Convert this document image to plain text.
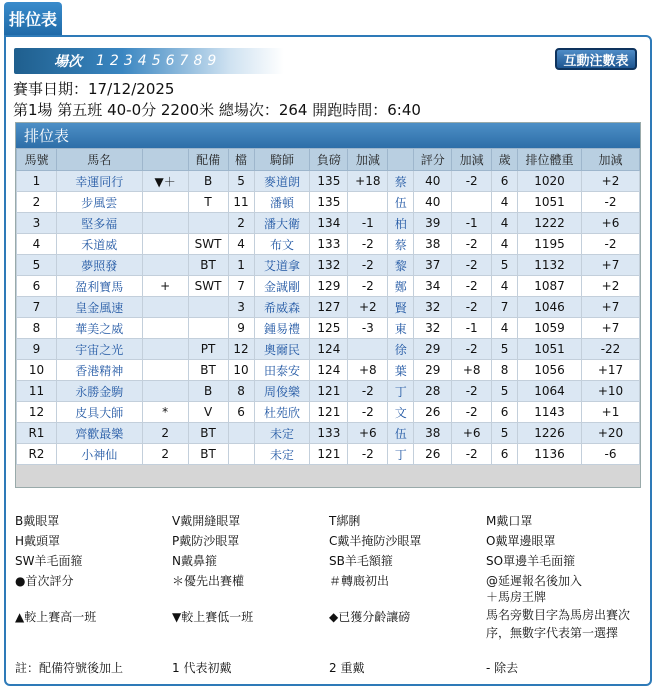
排位表
場次 1 2 3 4 5 6 7 8 9	互動注數表
賽事日期：17/12/2025
第1場 第五班 40-0分 2200米 總場次：264 開跑時間：6:40
排位表
馬號	馬名		配備	檔	騎師	負磅	加減		評分	加減	歲	排位體重	加減
1	幸運同行	▼＋	B	5	麥道朗	135	+18	蔡	40	-2	6	1020	+2
2	步風雲		T	11	潘頓	135		伍	40		4	1051	-2
3	堅多福			2	潘大衛	134	-1	柏	39	-1	4	1222	+6
4	禾道威		SWT	4	布文	133	-2	蔡	38	-2	4	1195	-2
5	夢照發		BT	1	艾道拿	132	-2	黎	37	-2	5	1132	+7
6	盈利寶馬	+	SWT	7	金誠剛	129	-2	鄭	34	-2	4	1087	+2
7	皇金風速			3	希威森	127	+2	賢	32	-2	7	1046	+7
8	華美之威			9	鍾易禮	125	-3	東	32	-1	4	1059	+7
9	宇宙之光		PT	12	奧爾民	124		徐	29	-2	5	1051	-22
10	香港精神		BT	10	田泰安	124	+8	葉	29	+8	8	1056	+17
11	永勝金駒		B	8	周俊樂	121	-2	丁	28	-2	5	1064	+10
12	皮具大師	*	V	6	杜苑欣	121	-2	文	26	-2	6	1143	+1
R1	齊歡最樂	2	BT		未定	133	+6	伍	38	+6	5	1226	+20
R2	小神仙	2	BT		未定	121	-2	丁	26	-2	6	1136	-6
B戴眼罩
H戴頭罩
SW羊毛面箍
●首次評分
▲較上賽高一班
V戴開縫眼罩
P戴防沙眼罩
N戴鼻箍
＊優先出賽權
▼較上賽低一班
T綁脷
C戴半掩防沙眼罩
SB羊毛額箍
＃轉廄初出
◆已獲分齡讓磅
M戴口罩
O戴單邊眼罩
SO單邊羊毛面箍
@延遲報名後加入
＋馬房王牌
馬名旁數目字為馬房出賽次
序，無數字代表第一選擇
註：配備符號後加上	1 代表初戴	2 重戴	- 除去
